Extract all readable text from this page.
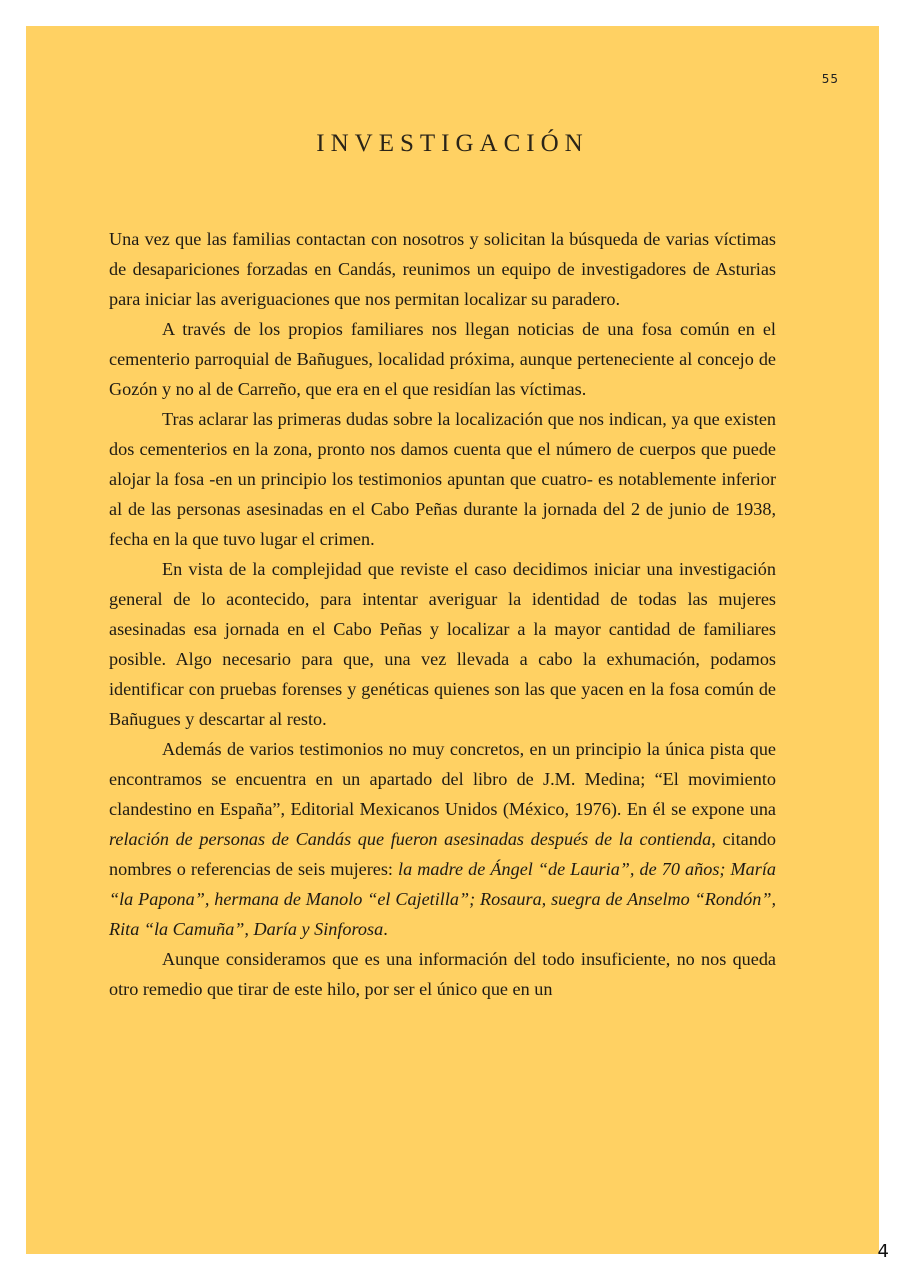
55
INVESTIGACIÓN

Una vez que las familias contactan con nosotros y solicitan la búsqueda de varias víctimas de desapariciones forzadas en Candás, reunimos un equipo de investigadores de Asturias para iniciar las averiguaciones que nos permitan localizar su paradero.

A través de los propios familiares nos llegan noticias de una fosa común en el cementerio parroquial de Bañugues, localidad próxima, aunque perteneciente al concejo de Gozón y no al de Carreño, que era en el que residían las víctimas.

Tras aclarar las primeras dudas sobre la localización que nos indican, ya que existen dos cementerios en la zona, pronto nos damos cuenta que el número de cuerpos que puede alojar la fosa -en un principio los testimonios apuntan que cuatro- es notablemente inferior al de las personas asesinadas en el Cabo Peñas durante la jornada del 2 de junio de 1938, fecha en la que tuvo lugar el crimen.

En vista de la complejidad que reviste el caso decidimos iniciar una investigación general de lo acontecido, para intentar averiguar la identidad de todas las mujeres asesinadas esa jornada en el Cabo Peñas y localizar a la mayor cantidad de familiares posible. Algo necesario para que, una vez llevada a cabo la exhumación, podamos identificar con pruebas forenses y genéticas quienes son las que yacen en la fosa común de Bañugues y descartar al resto.

Además de varios testimonios no muy concretos, en un principio la única pista que encontramos se encuentra en un apartado del libro de J.M. Medina; “El movimiento clandestino en España”, Editorial Mexicanos Unidos (México, 1976). En él se expone una relación de personas de Candás que fueron asesinadas después de la contienda, citando nombres o referencias de seis mujeres: la madre de Ángel “de Lauria”, de 70 años; María “la Papona”, hermana de Manolo “el Cajetilla”; Rosaura, suegra de Anselmo “Rondón”, Rita “la Camuña”, Daría y Sinforosa.

Aunque consideramos que es una información del todo insuficiente, no nos queda otro remedio que tirar de este hilo, por ser el único que en un

4
